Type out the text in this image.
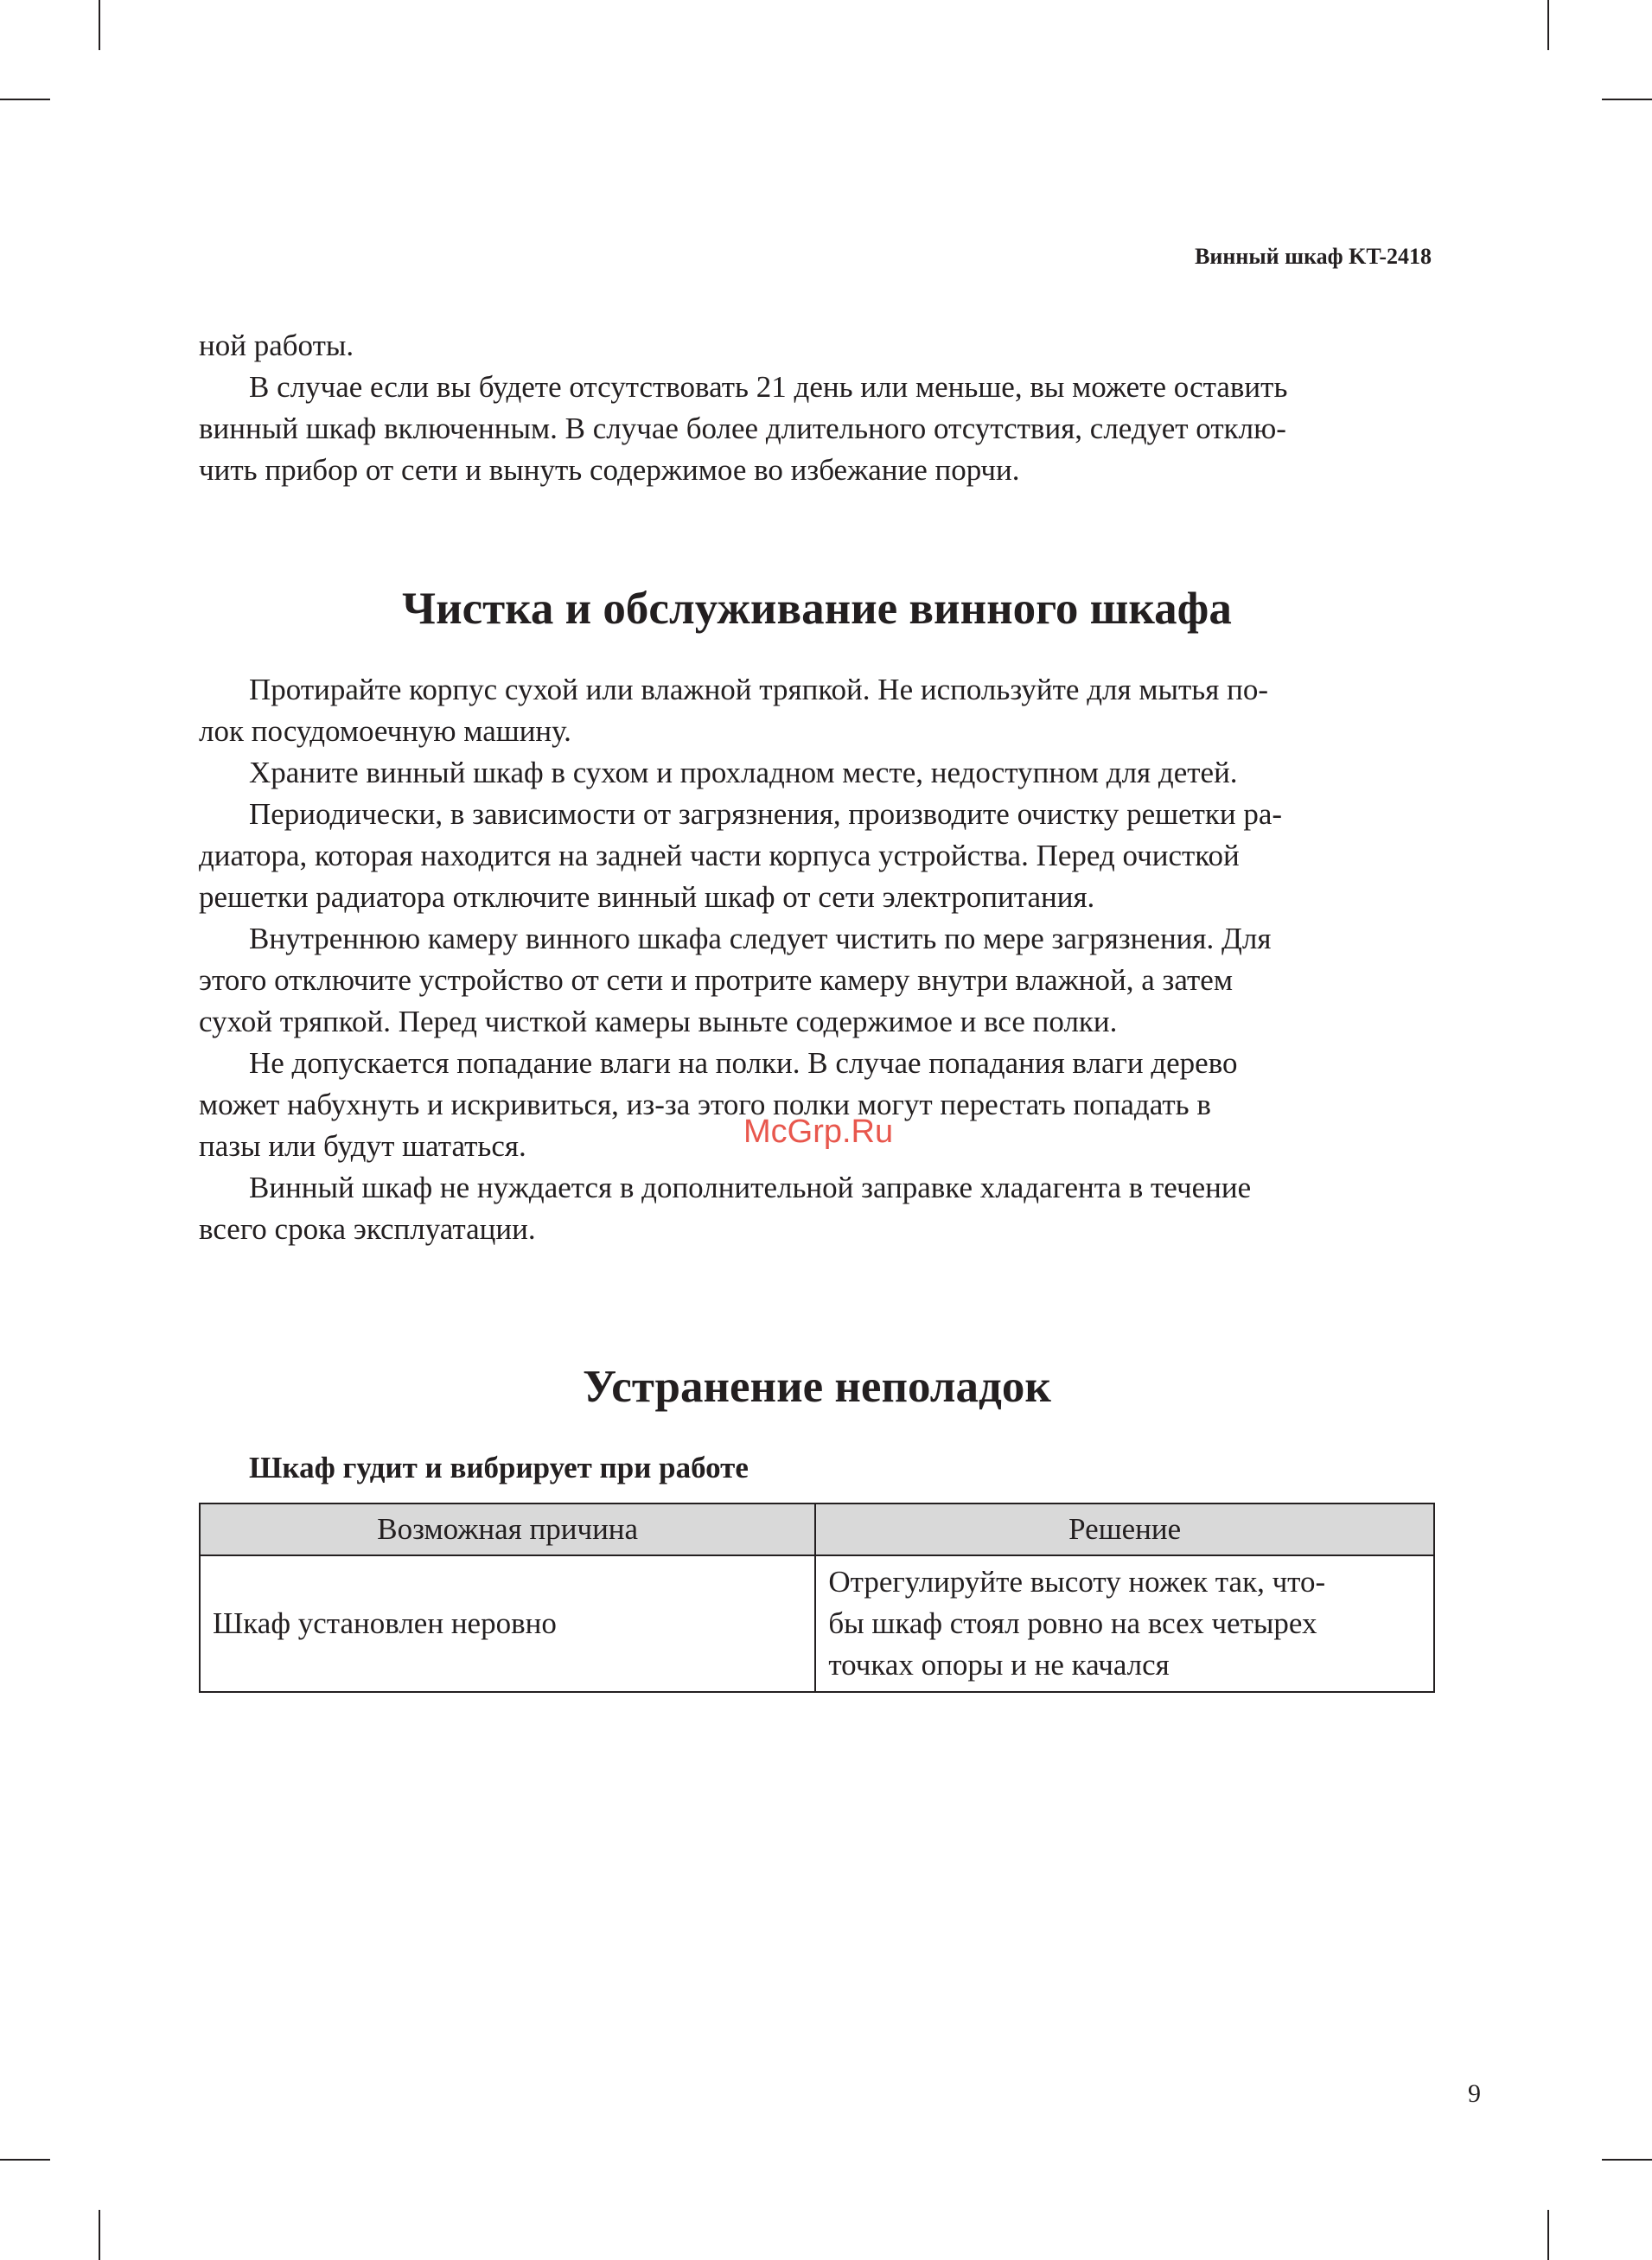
Винный шкаф KT-2418

ной работы.

В случае если вы будете отсутствовать 21 день или меньше, вы можете оставить
винный шкаф включенным. В случае более длительного отсутствия, следует отклю-
чить прибор от сети и вынуть содержимое во избежание порчи.

Чистка и обслуживание винного шкафа

Протирайте корпус сухой или влажной тряпкой. Не используйте для мытья по-
лок посудомоечную машину.

Храните винный шкаф в сухом и прохладном месте, недоступном для детей.

Периодически, в зависимости от загрязнения, производите очистку решетки ра-
диатора, которая находится на задней части корпуса устройства. Перед очисткой
решетки радиатора отключите винный шкаф от сети электропитания.

Внутреннюю камеру винного шкафа следует чистить по мере загрязнения. Для
этого отключите устройство от сети и протрите камеру внутри влажной, а затем
сухой тряпкой. Перед чисткой камеры выньте содержимое и все полки.

Не допускается попадание влаги на полки. В случае попадания влаги дерево
может набухнуть и искривиться, из-за этого полки могут перестать попадать в
пазы или будут шататься.

Винный шкаф не нуждается в дополнительной заправке хладагента в течение
всего срока эксплуатации.

Устранение неполадок
Шкаф гудит и вибрирует при работе
Возможная причина	Решение
Шкаф установлен неровно	Отрегулируйте высоту ножек так, что-
бы шкаф стоял ровно на всех четырех
точках опоры и не качался
McGrp.Ru
9
